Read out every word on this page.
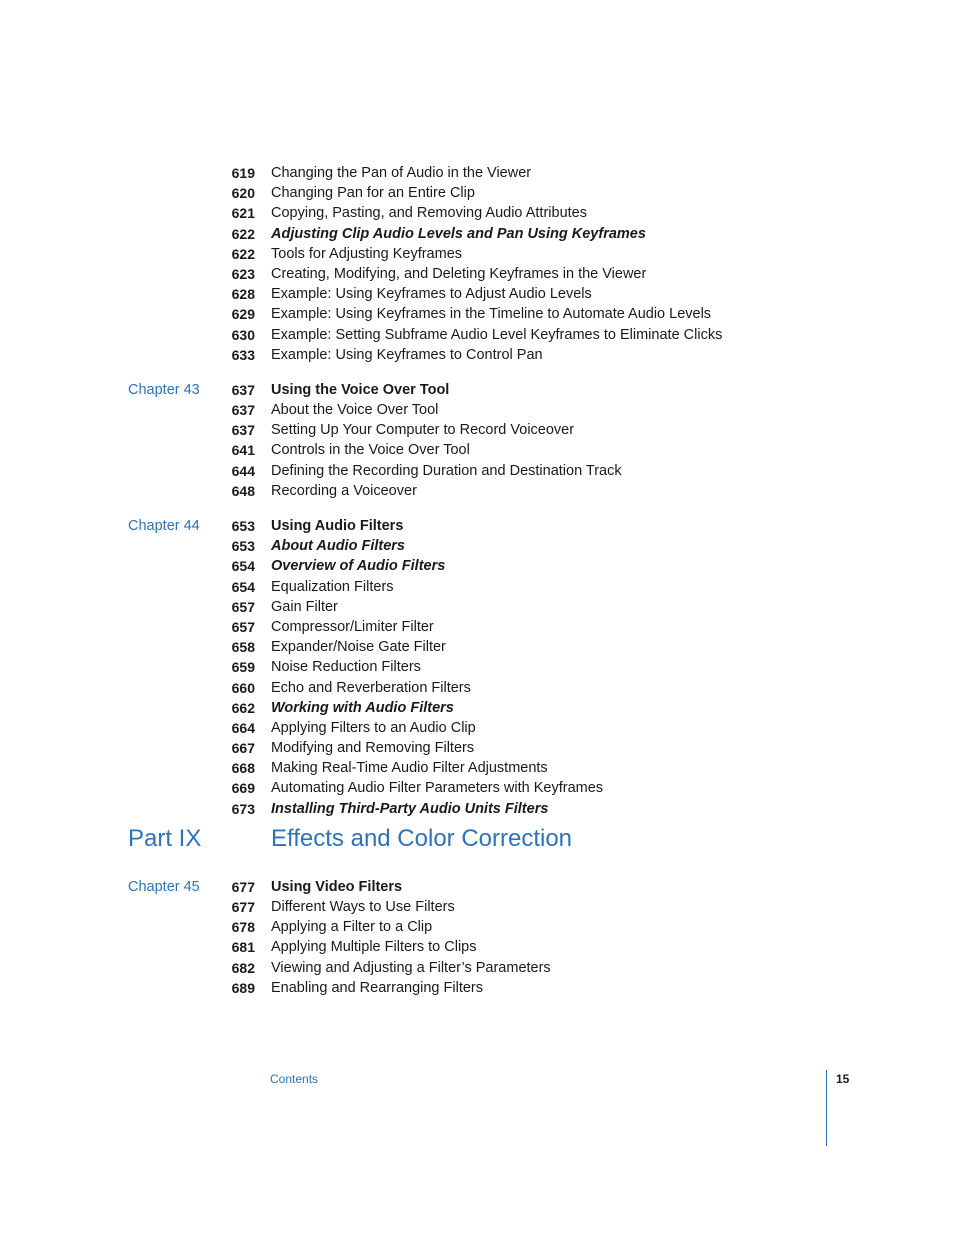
619 Changing the Pan of Audio in the Viewer
620 Changing Pan for an Entire Clip
621 Copying, Pasting, and Removing Audio Attributes
622 Adjusting Clip Audio Levels and Pan Using Keyframes
622 Tools for Adjusting Keyframes
623 Creating, Modifying, and Deleting Keyframes in the Viewer
628 Example: Using Keyframes to Adjust Audio Levels
629 Example: Using Keyframes in the Timeline to Automate Audio Levels
630 Example: Setting Subframe Audio Level Keyframes to Eliminate Clicks
633 Example: Using Keyframes to Control Pan
Chapter 43	637 Using the Voice Over Tool
637 About the Voice Over Tool
637 Setting Up Your Computer to Record Voiceover
641 Controls in the Voice Over Tool
644 Defining the Recording Duration and Destination Track
648 Recording a Voiceover
Chapter 44	653 Using Audio Filters
653 About Audio Filters
654 Overview of Audio Filters
654 Equalization Filters
657 Gain Filter
657 Compressor/Limiter Filter
658 Expander/Noise Gate Filter
659 Noise Reduction Filters
660 Echo and Reverberation Filters
662 Working with Audio Filters
664 Applying Filters to an Audio Clip
667 Modifying and Removing Filters
668 Making Real-Time Audio Filter Adjustments
669 Automating Audio Filter Parameters with Keyframes
673 Installing Third-Party Audio Units Filters
Part IX	Effects and Color Correction
Chapter 45	677 Using Video Filters
677 Different Ways to Use Filters
678 Applying a Filter to a Clip
681 Applying Multiple Filters to Clips
682 Viewing and Adjusting a Filter’s Parameters
689 Enabling and Rearranging Filters
Contents	15
